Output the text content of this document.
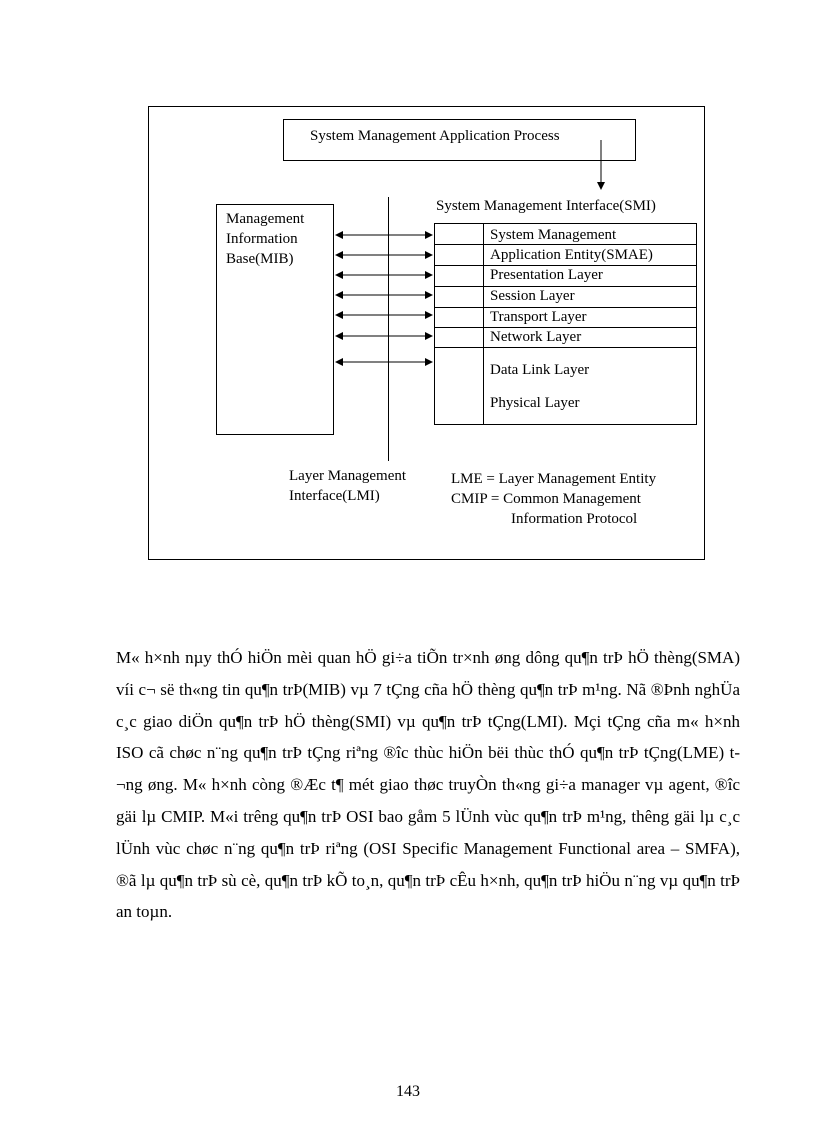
System Management Application Process
Management
Information
Base(MIB)
System Management Interface(SMI)
System Management
Application Entity(SMAE)
Presentation Layer
Session Layer
Transport Layer
Network Layer
Data Link Layer
Physical Layer
Layer Management
Interface(LMI)
LME = Layer Management Entity
CMIP = Common Management
Information Protocol
M« h×nh nµy thÓ hiÖn mèi quan hÖ gi÷a tiÕn tr×nh øng dông qu¶n trÞ hÖ thèng(SMA) víi c¬ së th«ng tin qu¶n trÞ(MIB) vµ 7 tÇng cña hÖ thèng qu¶n trÞ m¹ng. Nã ®Þnh nghÜa c¸c giao diÖn qu¶n trÞ hÖ thèng(SMI) vµ qu¶n trÞ tÇng(LMI). Mçi tÇng cña m« h×nh ISO cã chøc n¨ng qu¶n trÞ tÇng riªng ®îc thùc hiÖn bëi thùc thÓ qu¶n trÞ tÇng(LME) t¬ng øng. M« h×nh còng ®Æc t¶ mét giao thøc truyÒn th«ng gi÷a manager vµ agent, ®îc gäi lµ CMIP. M«i trêng qu¶n trÞ OSI bao gåm 5 lÜnh vùc qu¶n trÞ m¹ng, thêng gäi lµ c¸c lÜnh vùc chøc n¨ng qu¶n trÞ riªng (OSI Specific Management Functional area – SMFA), ®ã lµ qu¶n trÞ sù cè, qu¶n trÞ kÕ to¸n, qu¶n trÞ cÊu h×nh, qu¶n trÞ hiÖu n¨ng vµ qu¶n trÞ an toµn.
143
